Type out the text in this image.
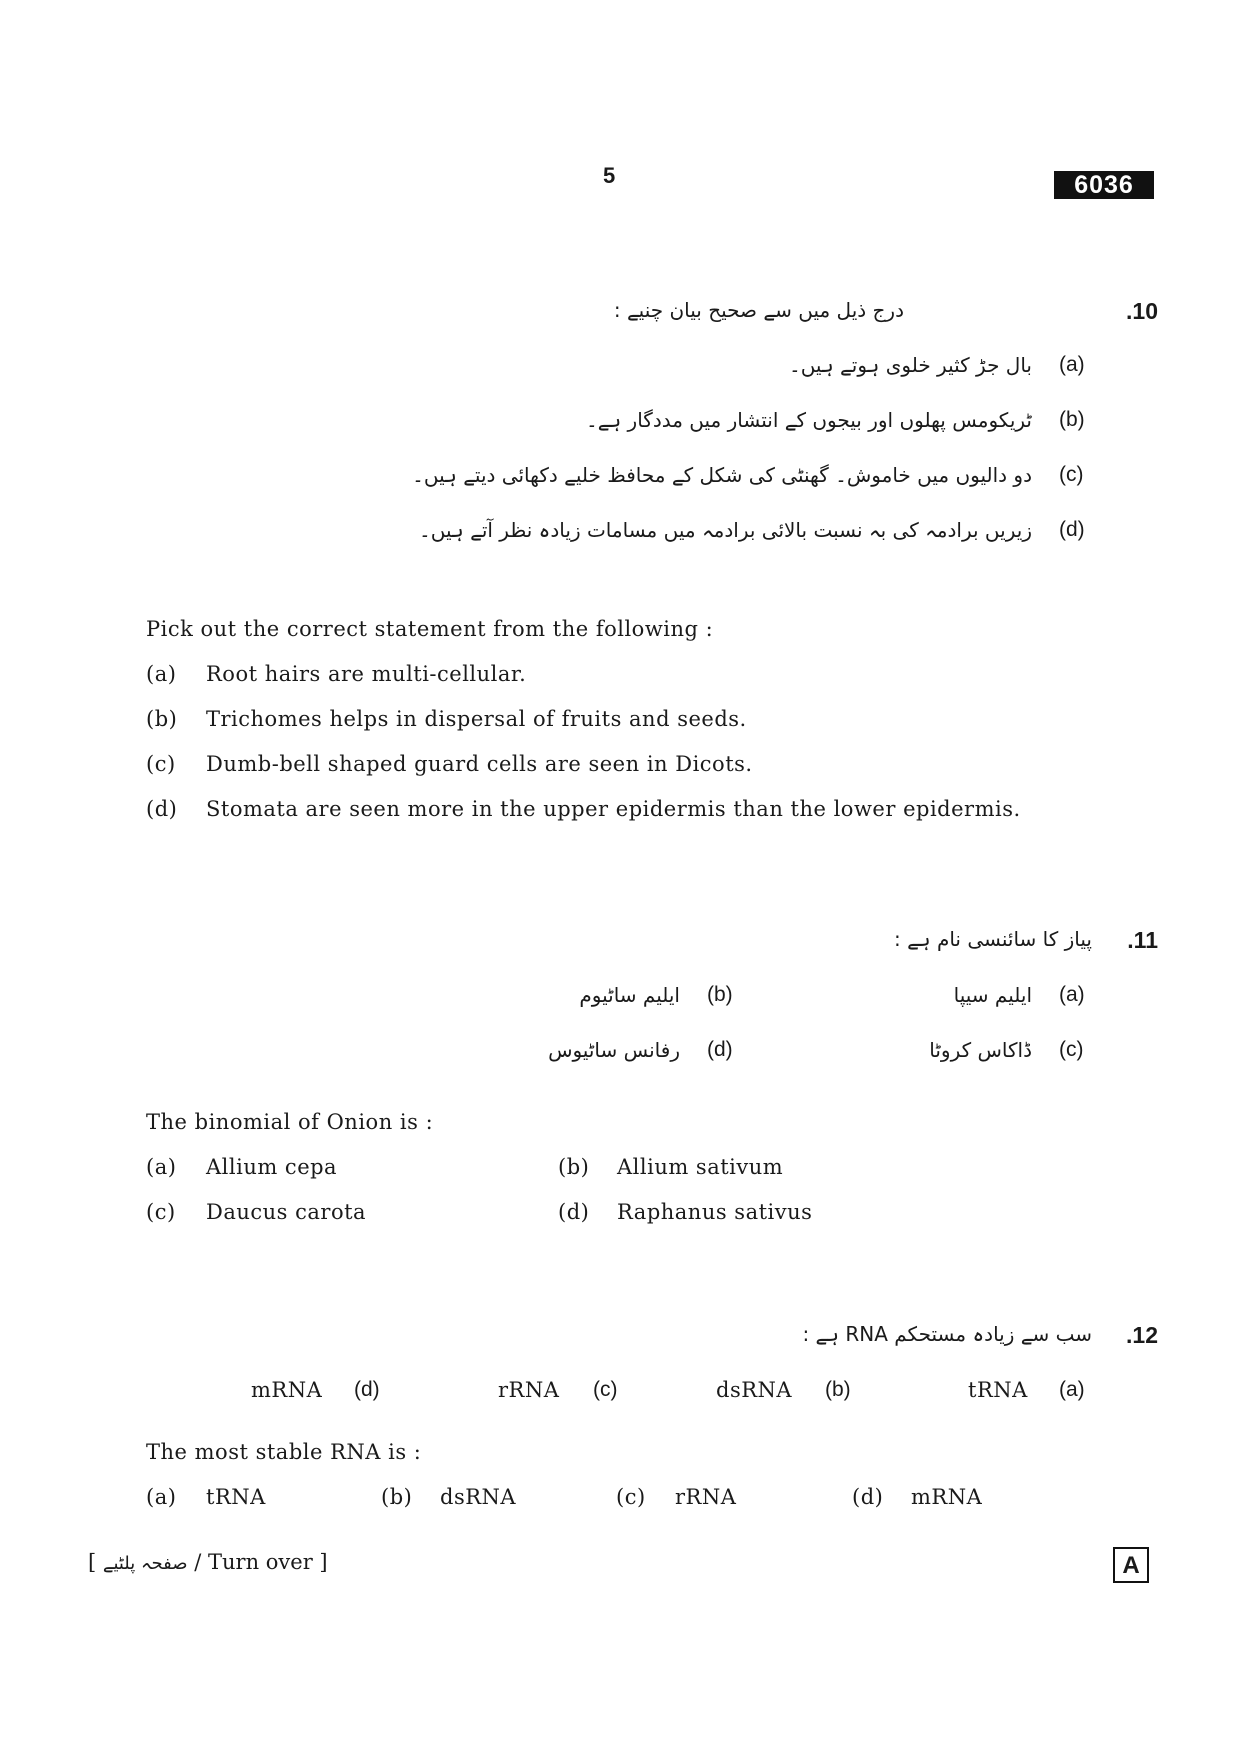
5	6036
.10
درج ذیل میں سے صحیح بیان چنیے :
(a)
بال جڑ کثیر خلوی ہوتے ہیں۔
(b)
ٹریکومس پھلوں اور بیجوں کے انتشار میں مددگار ہے۔
(c)
دو دالیوں میں خاموش۔ گھنٹی کی شکل کے محافظ خلیے دکھائی دیتے ہیں۔
(d)
زیریں برادمہ کی بہ نسبت بالائی برادمہ میں مسامات زیادہ نظر آتے ہیں۔
Pick out the correct statement from the following :
(a) Root hairs are multi-cellular.
(b) Trichomes helps in dispersal of fruits and seeds.
(c) Dumb-bell shaped guard cells are seen in Dicots.
(d) Stomata are seen more in the upper epidermis than the lower epidermis.
.11
پیاز کا سائنسی نام ہے :
(a)
ایلیم سیپا
(b)
ایلیم ساٹیوم
(c)
ڈاکاس کروٹا
(d)
رفانس ساٹیوس
The binomial of Onion is :
(a) Allium cepa	(b) Allium sativum
(c) Daucus carota	(d) Raphanus sativus
.12
سب سے زیادہ مستحکم RNA ہے :
(a)
tRNA
(b)
dsRNA
(c)
rRNA
(d)
mRNA
The most stable RNA is :
(a) tRNA	(b) dsRNA	(c) rRNA	(d) mRNA
[ صفحہ پلٹیے / Turn over ]	A
